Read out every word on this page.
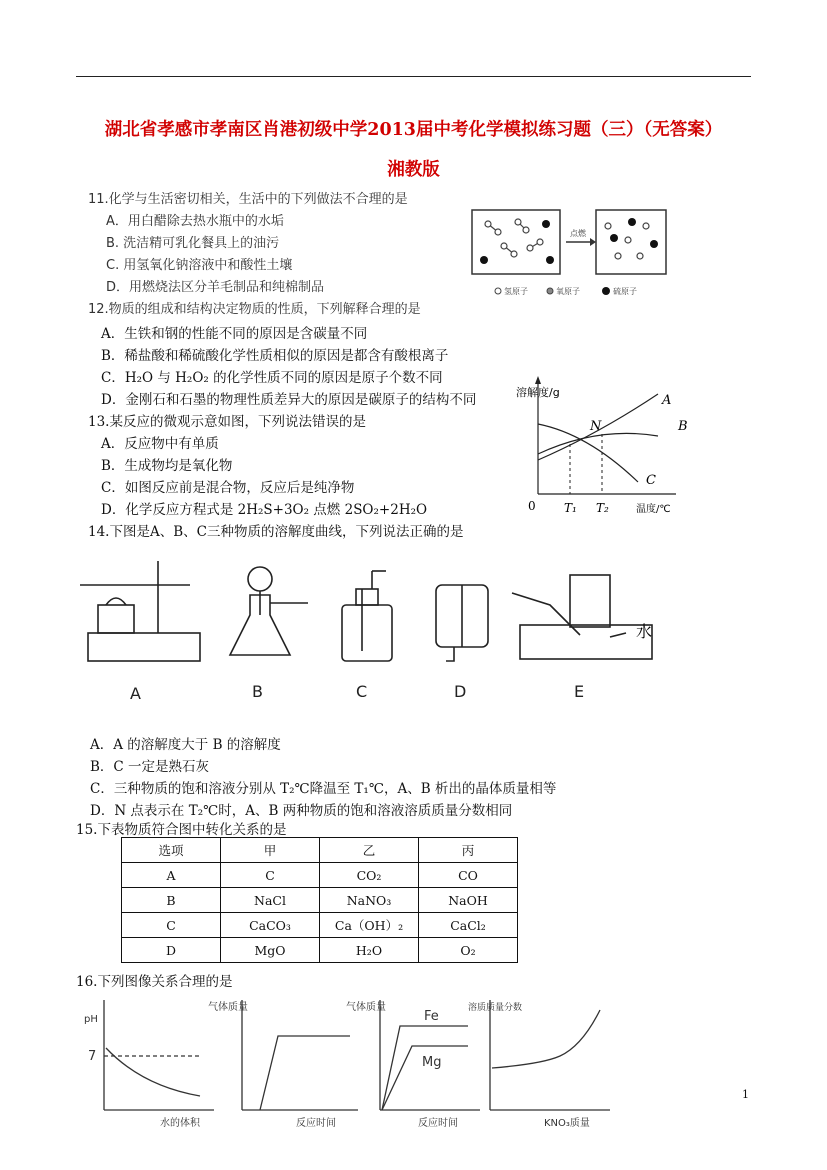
湖北省孝感市孝南区肖港初级中学2013届中考化学模拟练习题（三）（无答案）
湘教版
11.化学与生活密切相关，生活中的下列做法不合理的是
A．用白醋除去热水瓶中的水垢
B. 洗洁精可乳化餐具上的油污
C. 用氢氧化钠溶液中和酸性土壤
D．用燃烧法区分羊毛制品和纯棉制品
12.物质的组成和结构决定物质的性质，下列解释合理的是
A．生铁和钢的性能不同的原因是含碳量不同
B．稀盐酸和稀硫酸化学性质相似的原因是都含有酸根离子
C．H₂O 与 H₂O₂ 的化学性质不同的原因是原子个数不同
D．金刚石和石墨的物理性质差异大的原因是碳原子的结构不同
13.某反应的微观示意如图，下列说法错误的是
A．反应物中有单质
B．生成物均是氧化物
C．如图反应前是混合物，反应后是纯净物
D．化学反应方程式是 2H₂S+3O₂ 点燃 2SO₂+2H₂O
14.下图是A、B、C三种物质的溶解度曲线，下列说法正确的是
点燃
氢原子	氧原子	硫原子
溶解度/g
A
B
C
N
0 T₁ T₂	温度/℃
水
A	B	C	D	E
A．A 的溶解度大于 B 的溶解度
B．C 一定是熟石灰
C．三种物质的饱和溶液分别从 T₂℃降温至 T₁℃，A、B 析出的晶体质量相等
D．N 点表示在 T₂℃时，A、B 两种物质的饱和溶液溶质质量分数相同
15.下表物质符合图中转化关系的是
选项	甲	乙	丙
A	C	CO₂	CO
B	NaCl	NaNO₃	NaOH
C	CaCO₃	Ca（OH）₂	CaCl₂
D	MgO	H₂O	O₂
16.下列图像关系合理的是
pH
7
水的体积
气体质量
反应时间
气体质量
反应时间
Fe
Mg
溶质质量分数
KNO₃质量
1
